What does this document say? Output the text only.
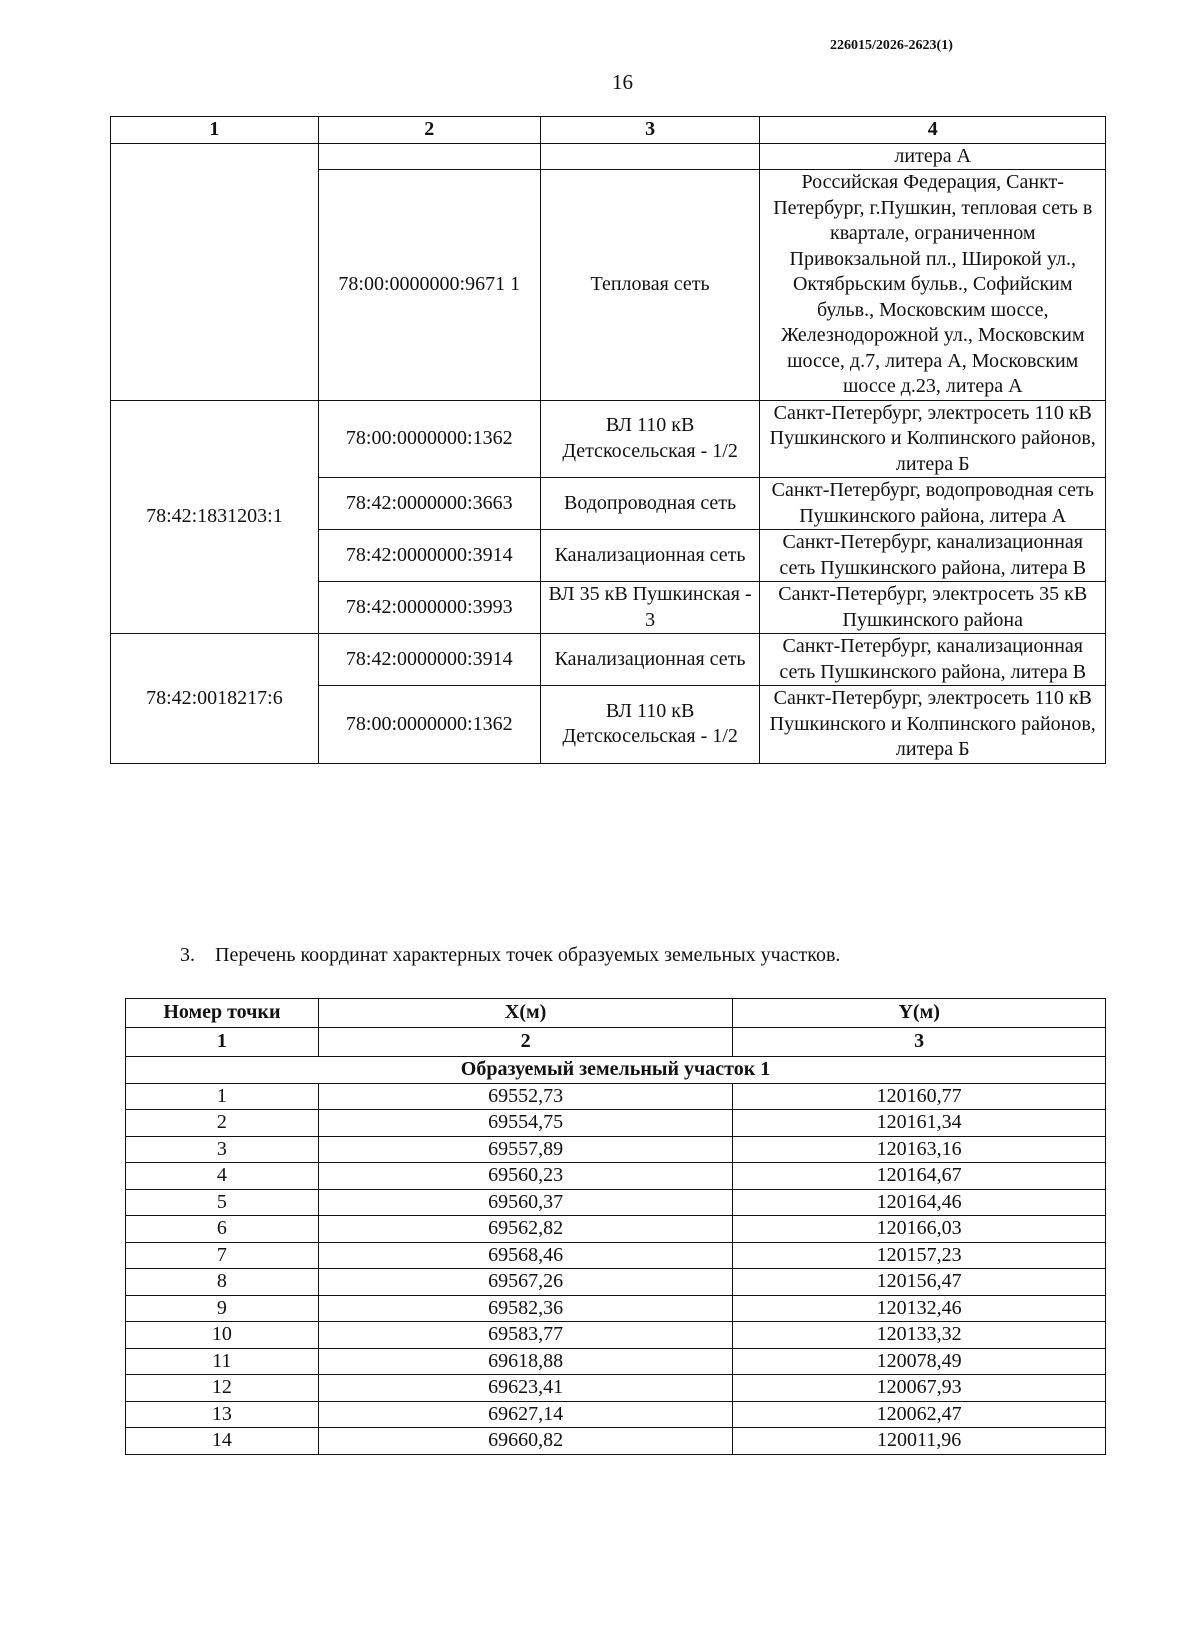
226015/2026-2623(1)
16
1	2	3	4
			литера А
	78:00:0000000:9671 1	Тепловая сеть	Российская Федерация, Санкт-Петербург, г.Пушкин, тепловая сеть в квартале, ограниченном Привокзальной пл., Широкой ул., Октябрьским бульв., Софийским бульв., Московским шоссе, Железнодорожной ул., Московским шоссе, д.7, литера А, Московским шоссе д.23, литера А
78:42:1831203:1	78:00:0000000:1362	ВЛ 110 кВ Детскосельская - 1/2	Санкт-Петербург, электросеть 110 кВ Пушкинского и Колпинского районов, литера Б
	78:42:0000000:3663	Водопроводная сеть	Санкт-Петербург, водопроводная сеть Пушкинского района, литера А
	78:42:0000000:3914	Канализационная сеть	Санкт-Петербург, канализационная сеть Пушкинского района, литера В
	78:42:0000000:3993	ВЛ 35 кВ Пушкинская - 3	Санкт-Петербург, электросеть 35 кВ Пушкинского района
78:42:0018217:6	78:42:0000000:3914	Канализационная сеть	Санкт-Петербург, канализационная сеть Пушкинского района, литера В
	78:00:0000000:1362	ВЛ 110 кВ Детскосельская - 1/2	Санкт-Петербург, электросеть 110 кВ Пушкинского и Колпинского районов, литера Б
3. Перечень координат характерных точек образуемых земельных участков.
Номер точки	X(м)	Y(м)
1	2	3
Образуемый земельный участок 1		
1	69552,73	120160,77
2	69554,75	120161,34
3	69557,89	120163,16
4	69560,23	120164,67
5	69560,37	120164,46
6	69562,82	120166,03
7	69568,46	120157,23
8	69567,26	120156,47
9	69582,36	120132,46
10	69583,77	120133,32
11	69618,88	120078,49
12	69623,41	120067,93
13	69627,14	120062,47
14	69660,82	120011,96
